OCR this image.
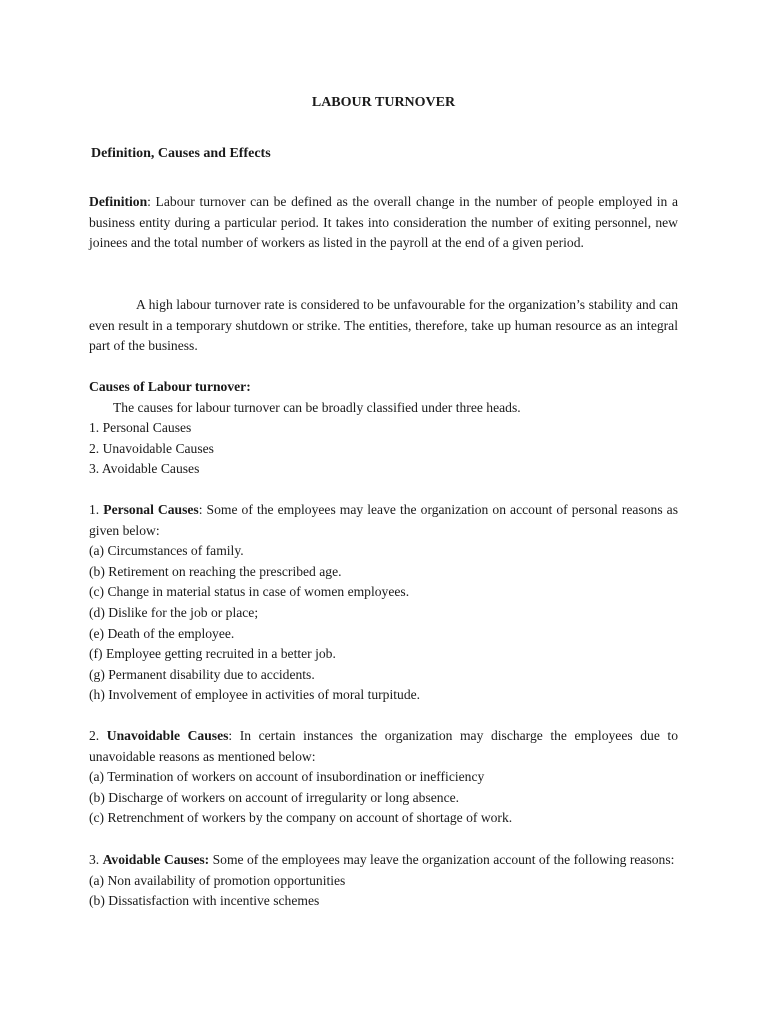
LABOUR TURNOVER
Definition, Causes and Effects

Definition: Labour turnover can be defined as the overall change in the number of people employed in a business entity during a particular period. It takes into consideration the number of exiting personnel, new joinees and the total number of workers as listed in the payroll at the end of a given period.

A high labour turnover rate is considered to be unfavourable for the organization’s stability and can even result in a temporary shutdown or strike. The entities, therefore, take up human resource as an integral part of the business.

Causes of Labour turnover:
The causes for labour turnover can be broadly classified under three heads.
1. Personal Causes
2. Unavoidable Causes
3. Avoidable Causes
1. Personal Causes: Some of the employees may leave the organization on account of personal reasons as given below:
(a) Circumstances of family.
(b) Retirement on reaching the prescribed age.
(c) Change in material status in case of women employees.
(d) Dislike for the job or place;
(e) Death of the employee.
(f) Employee getting recruited in a better job.
(g) Permanent disability due to accidents.
(h) Involvement of employee in activities of moral turpitude.
2. Unavoidable Causes: In certain instances the organization may discharge the employees due to unavoidable reasons as mentioned below:
(a) Termination of workers on account of insubordination or inefficiency
(b) Discharge of workers on account of irregularity or long absence.
(c) Retrenchment of workers by the company on account of shortage of work.
3. Avoidable Causes: Some of the employees may leave the organization account of the following reasons:
(a) Non availability of promotion opportunities
(b) Dissatisfaction with incentive schemes
